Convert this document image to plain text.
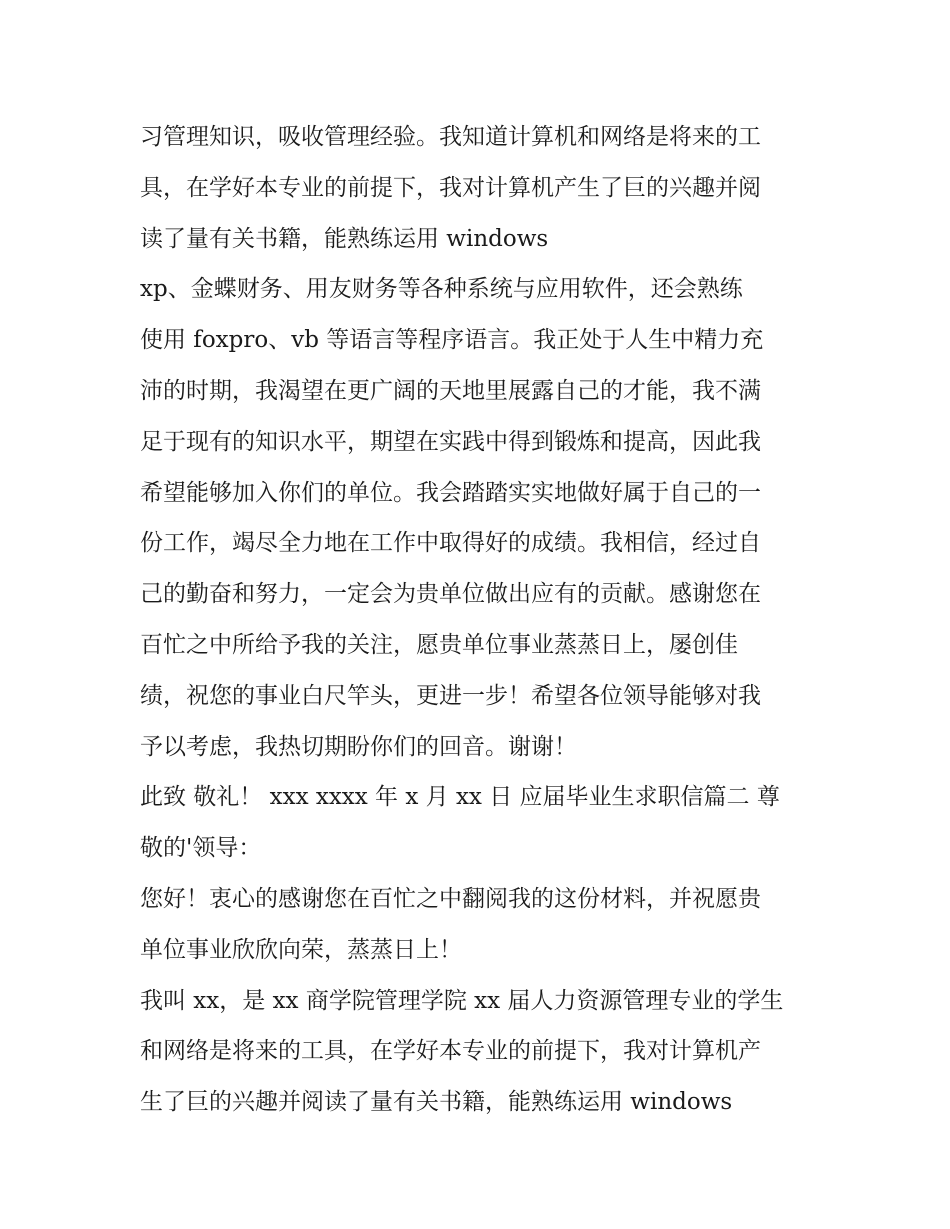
习管理知识，吸收管理经验。我知道计算机和网络是将来的工
具，在学好本专业的前提下，我对计算机产生了巨的兴趣并阅
读了量有关书籍，能熟练运用 windows
xp、金蝶财务、用友财务等各种系统与应用软件，还会熟练
使用 foxpro、vb 等语言等程序语言。我正处于人生中精力充
沛的时期，我渴望在更广阔的天地里展露自己的才能，我不满
足于现有的知识水平，期望在实践中得到锻炼和提高，因此我
希望能够加入你们的单位。我会踏踏实实地做好属于自己的一
份工作，竭尽全力地在工作中取得好的成绩。我相信，经过自
己的勤奋和努力，一定会为贵单位做出应有的贡献。感谢您在
百忙之中所给予我的关注，愿贵单位事业蒸蒸日上，屡创佳
绩，祝您的事业白尺竿头，更进一步！希望各位领导能够对我
予以考虑，我热切期盼你们的回音。谢谢！
此致 敬礼！ xxx xxxx 年 x 月 xx 日 应届毕业生求职信篇二 尊
敬的'领导：
您好！衷心的感谢您在百忙之中翻阅我的这份材料，并祝愿贵
单位事业欣欣向荣，蒸蒸日上！
我叫 xx，是 xx 商学院管理学院 xx 届人力资源管理专业的学生
和网络是将来的工具，在学好本专业的前提下，我对计算机产
生了巨的兴趣并阅读了量有关书籍，能熟练运用 windows
